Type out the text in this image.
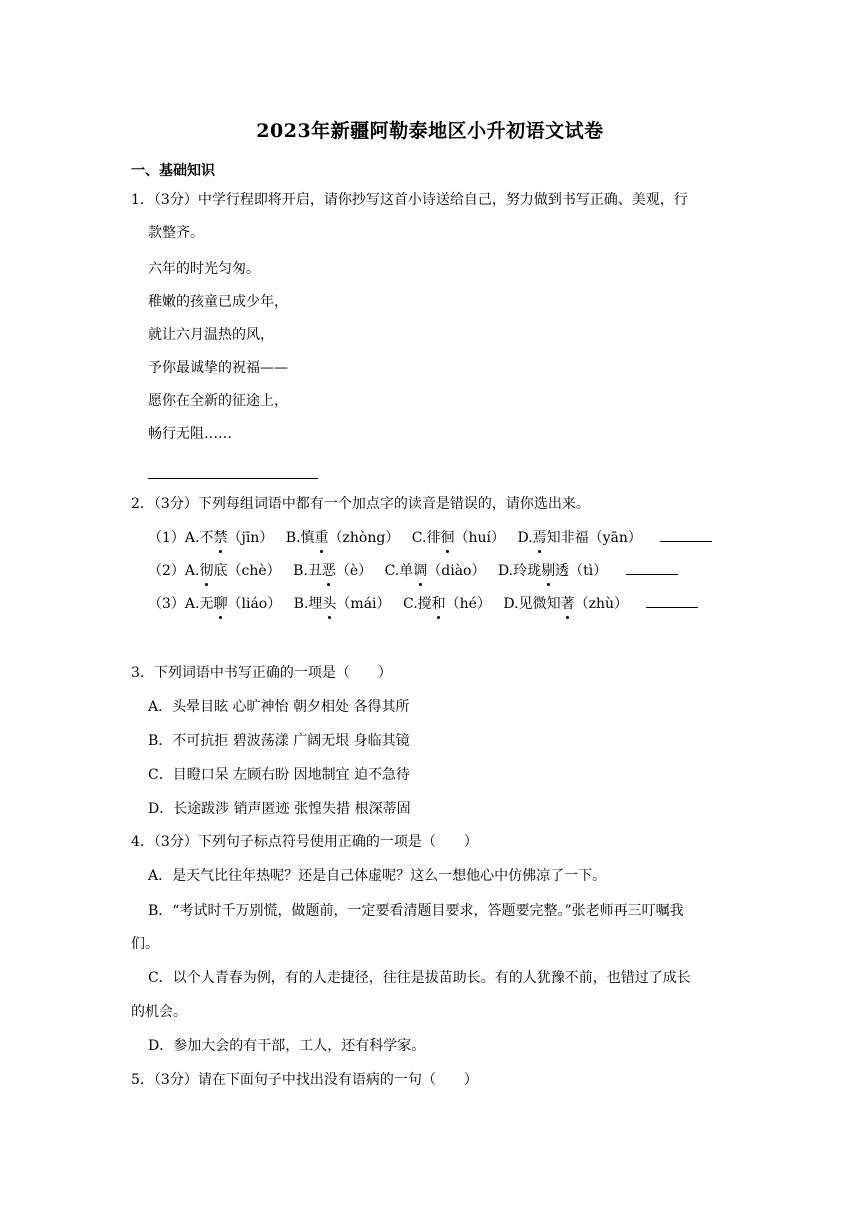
2023年新疆阿勒泰地区小升初语文试卷
一、基础知识
1．（3分）中学行程即将开启，请你抄写这首小诗送给自己，努力做到书写正确、美观，行
款整齐。
六年的时光匀匆。
稚嫩的孩童已成少年，
就让六月温热的风，
予你最诚挚的祝福——
愿你在全新的征途上，
畅行无阻……
2．（3分）下列每组词语中都有一个加点字的读音是错误的，请你选出来。
（1）A.不禁（jīn） B.慎重（zhòng） C.徘徊（huí） D.焉知非福（yān）
（2）A.彻底（chè） B.丑恶（è） C.单调（diào） D.玲珑剔透（tì）
（3）A.无聊（liáo） B.埋头（mái） C.搅和（hé） D.见微知著（zhù）
3．下列词语中书写正确的一项是（　　）
A．头晕目眩 心旷神怡 朝夕相处 各得其所
B．不可抗拒 碧波荡漾 广阔无垠 身临其镜
C．目瞪口呆 左顾右盼 因地制宜 迫不急待
D．长途跋涉 销声匿迹 张惶失措 根深蒂固
4．（3分）下列句子标点符号使用正确的一项是（　　）
A．是天气比往年热呢？还是自己体虚呢？这么一想他心中仿佛凉了一下。
B．“考试时千万别慌，做题前，一定要看清题目要求，答题要完整。”张老师再三叮嘱我
们。
C．以个人青春为例，有的人走捷径，往往是拔苗助长。有的人犹豫不前，也错过了成长
的机会。
D．参加大会的有干部，工人，还有科学家。
5．（3分）请在下面句子中找出没有语病的一句（　　）
